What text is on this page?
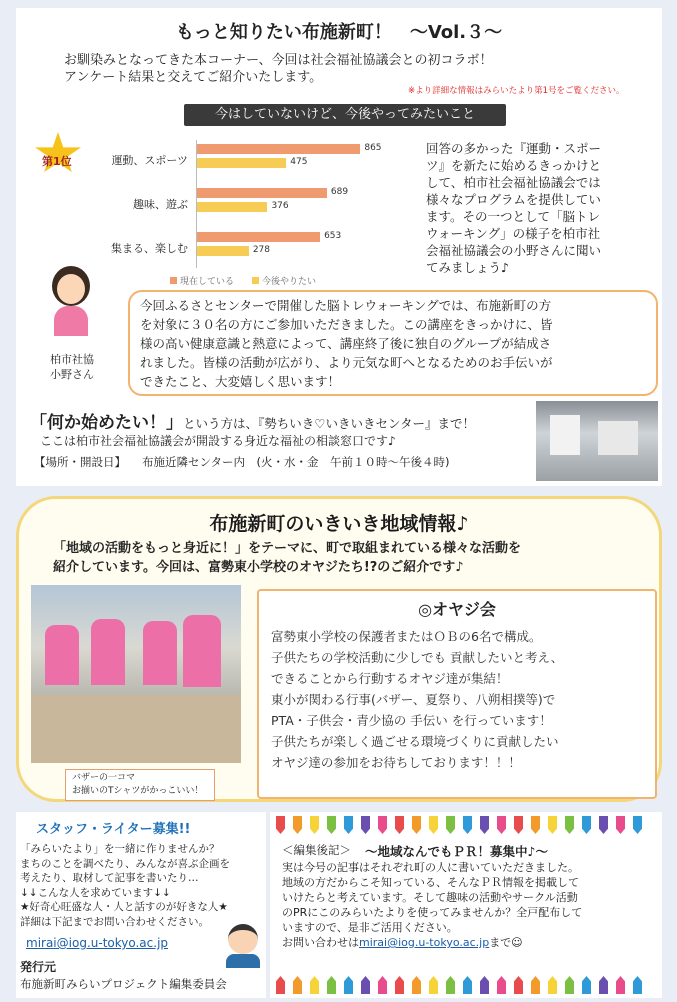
もっと知りたい布施新町！　～Vol.３～
お馴染みとなってきた本コーナー、今回は社会福祉協議会との初コラボ！
アンケート結果と交えてご紹介いたします。
※より詳細な情報はみらいたより第1号をご覧ください。
今はしていないけど、今後やってみたいこと
第1位	運動、スポーツ
865
475
趣味、遊ぶ
689
376
集まる、楽しむ
653
278
現在している	今後やりたい
回答の多かった『運動・スポー
ツ』を新たに始めるきっかけと
して、柏市社会福祉協議会では
様々なプログラムを提供してい
ます。その一つとして「脳トレ
ウォーキング」の様子を柏市社
会福祉協議会の小野さんに聞い
てみましょう♪
柏市社協
小野さん
今回ふるさとセンターで開催した脳トレウォーキングでは、布施新町の方
を対象に３０名の方にご参加いただきました。この講座をきっかけに、皆
様の高い健康意識と熱意によって、講座終了後に独自のグループが結成さ
れました。皆様の活動が広がり、より元気な町へとなるためのお手伝いが
できたこと、大変嬉しく思います！
「何か始めたい！」という方は、『勢ちいき♡いきいきセンター』まで！
ここは柏市社会福祉協議会が開設する身近な福祉の相談窓口です♪
【場所・開設日】 布施近隣センター内　(火・水・金　午前１０時～午後４時)
布施新町のいきいき地域情報♪
「地域の活動をもっと身近に！」をテーマに、町で取組まれている様々な活動を
紹介しています。今回は、富勢東小学校のオヤジたち!?のご紹介です♪
バザーの一コマ
お揃いのTシャツがかっこいい！
◎オヤジ会
富勢東小学校の保護者またはＯＢの6名で構成。
子供たちの学校活動に少しでも 貢献したいと考え、
できることから行動するオヤジ達が集結！
東小が関わる行事(バザー、夏祭り、八朔相撲等)で
PTA・子供会・青少協の 手伝い を行っています！
子供たちが楽しく過ごせる環境づくりに貢献したい
オヤジ達の参加をお待ちしております！！！
スタッフ・ライター募集!!
「みらいたより」を一緒に作りませんか？
まちのことを調べたり、みんなが喜ぶ企画を
考えたり、取材して記事を書いたり…
↓↓こんな人を求めています↓↓
★好奇心旺盛な人・人と話すのが好きな人★
詳細は下記までお問い合わせください。
mirai@iog.u-tokyo.ac.jp
発行元
布施新町みらいプロジェクト編集委員会
＜編集後記＞ ～地域なんでもＰＲ！募集中♪～
実は今号の記事はそれぞれ町の人に書いていただきました。
地域の方だからこそ知っている、そんなＰＲ情報を掲載して
いけたらと考えています。そして趣味の活動やサークル活動
のPRにこのみらいたよりを使ってみませんか？全戸配布して
いますので、是非ご活用ください。
お問い合わせはmirai@iog.u-tokyo.ac.jpまで☺
